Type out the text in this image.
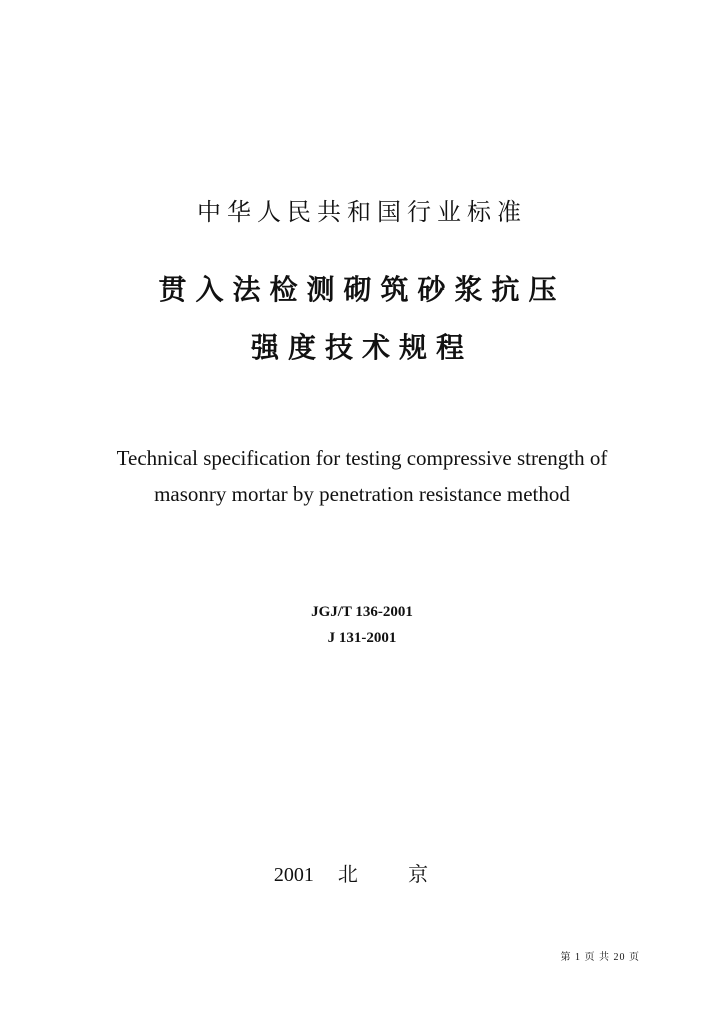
中华人民共和国行业标准
贯入法检测砌筑砂浆抗压
强度技术规程
Technical specification for testing compressive strength of
masonry mortar by penetration resistance method
JGJ/T 136-2001
J 131-2001
2001 北 京
第 1 页 共 20 页
